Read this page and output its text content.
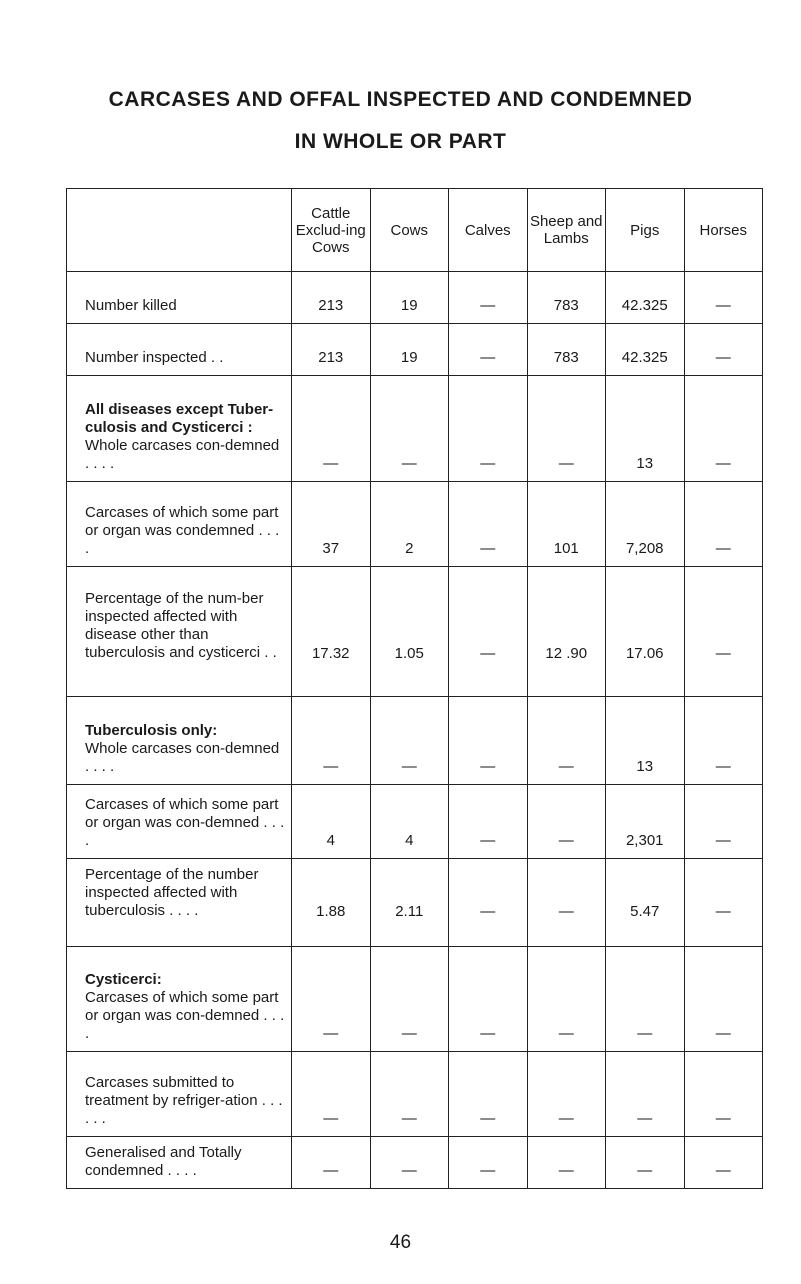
CARCASES AND OFFAL INSPECTED AND CONDEMNED
IN WHOLE OR PART
	Cattle Exclud-ing Cows	Cows	Calves	Sheep and Lambs	Pigs	Horses
Number killed	213	19	—	783	42.325	—
Number inspected . .	213	19	—	783	42.325	—
All diseases except Tuber-culosis and Cysticerci :
Whole carcases con-demned . . . .	—	—	—	—	13	—
Carcases of which some part or organ was condemned . . . .	37	2	—	101	7,208	—
Percentage of the num-ber inspected affected with disease other than tuberculosis and cysticerci . .	17.32	1.05	—	12 .90	17.06	—
Tuberculosis only:
Whole carcases con-demned . . . .	—	—	—	—	13	—
Carcases of which some part or organ was con-demned . . . .	4	4	—	—	2,301	—
Percentage of the number inspected affected with tuberculosis . . . .	1.88	2.11	—	—	5.47	—
Cysticerci:
Carcases of which some part or organ was con-demned . . . .	—	—	—	—	—	—
Carcases submitted to treatment by refriger-ation . . . . . .	—	—	—	—	—	—
Generalised and Totally condemned . . . .	—	—	—	—	—	—
46
